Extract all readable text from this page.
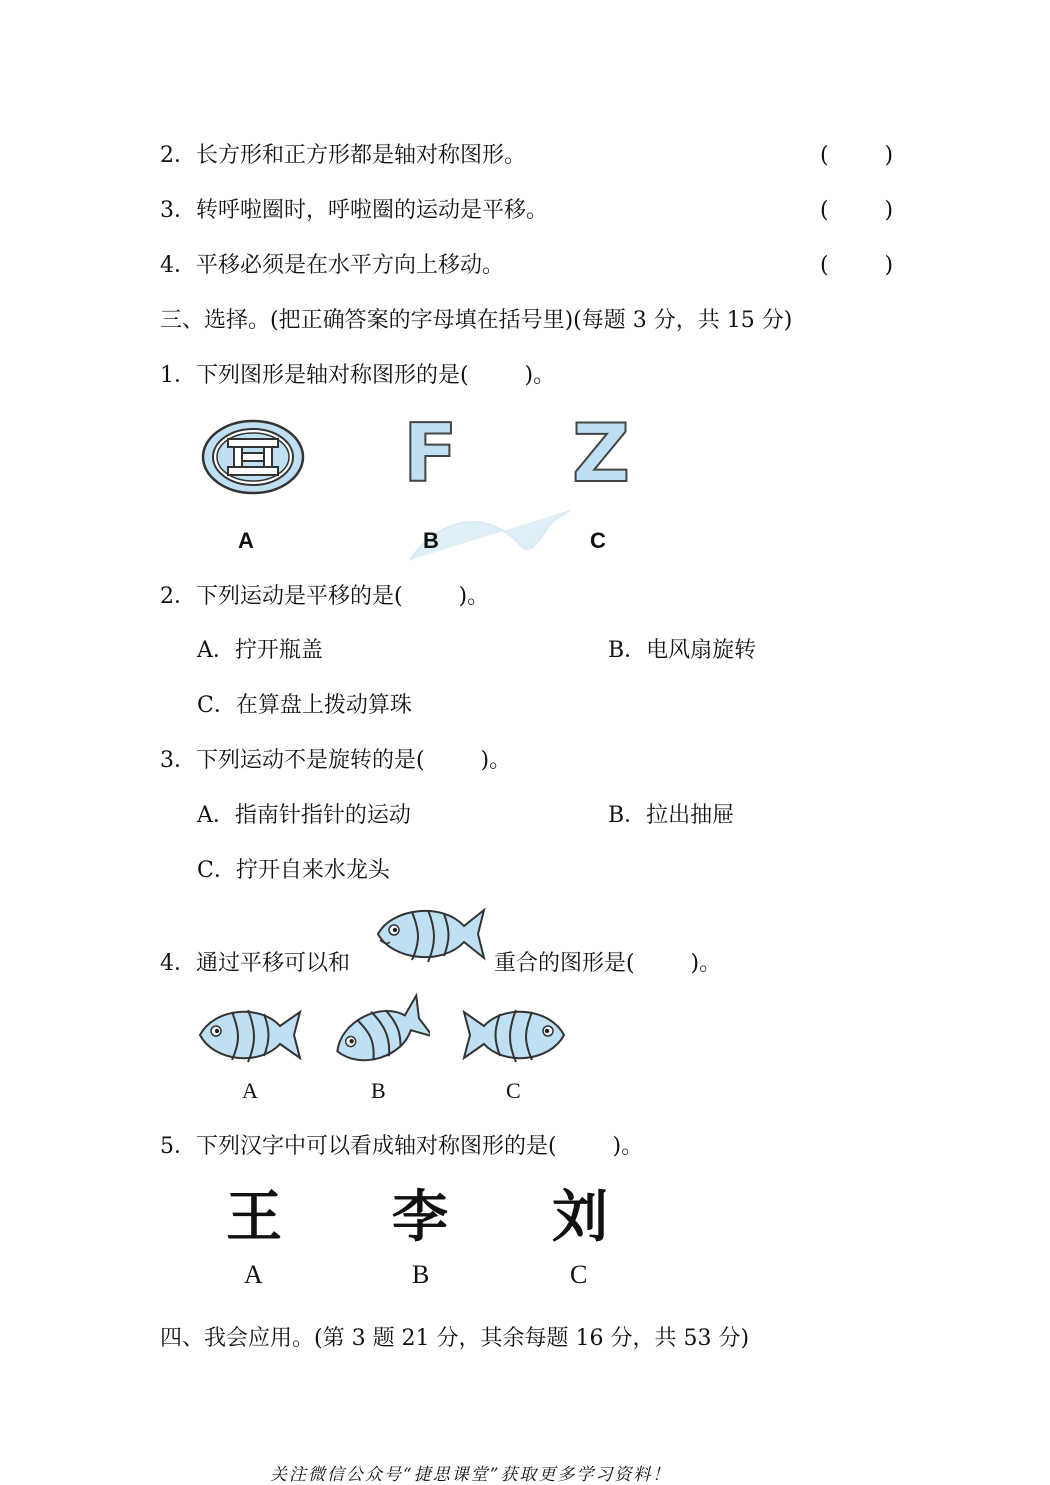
2．长方形和正方形都是轴对称图形。	(        )
3．转呼啦圈时，呼啦圈的运动是平移。	(        )
4．平移必须是在水平方向上移动。	(        )
三、选择。(把正确答案的字母填在括号里)(每题 3 分，共 15 分)
1．下列图形是轴对称图形的是(        )。
F Z
A	B	C
2．下列运动是平移的是(        )。
A．拧开瓶盖	B．电风扇旋转
C．在算盘上拨动算珠
3．下列运动不是旋转的是(        )。
A．指南针指针的运动	B．拉出抽屉
C．拧开自来水龙头
4．通过平移可以和	重合的图形是(        )。
A	B	C
5．下列汉字中可以看成轴对称图形的是(        )。
王 李 刘
A	B	C
四、我会应用。(第 3 题 21 分，其余每题 16 分，共 53 分)
关注微信公众号“捷思课堂”获取更多学习资料！
